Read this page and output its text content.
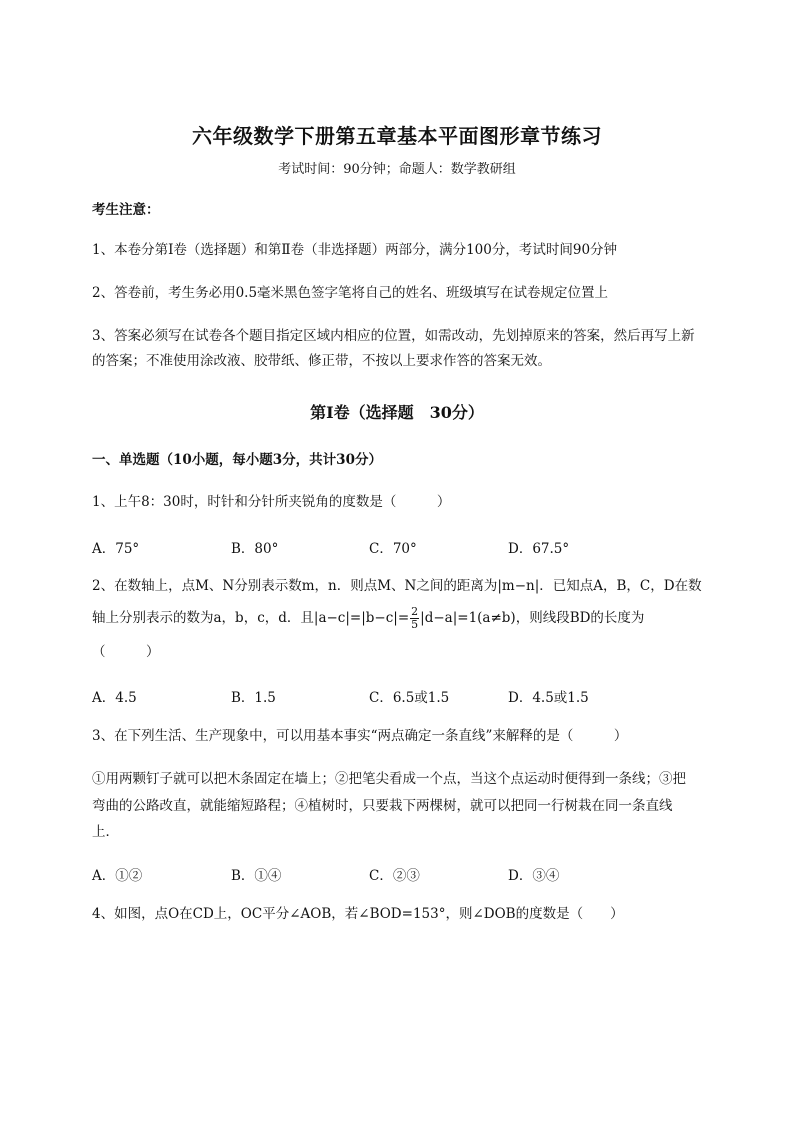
六年级数学下册第五章基本平面图形章节练习
考试时间：90分钟；命题人：数学教研组
考生注意：
1、本卷分第Ⅰ卷（选择题）和第Ⅱ卷（非选择题）两部分，满分100分，考试时间90分钟
2、答卷前，考生务必用0.5毫米黑色签字笔将自己的姓名、班级填写在试卷规定位置上
3、答案必须写在试卷各个题目指定区域内相应的位置，如需改动，先划掉原来的答案，然后再写上新
的答案；不准使用涂改液、胶带纸、修正带，不按以上要求作答的答案无效。
第Ⅰ卷（选择题　30分）
一、单选题（10小题，每小题3分，共计30分）
1、上午8：30时，时针和分针所夹锐角的度数是（　　　）
A．75°	B．80°	C．70°	D．67.5°
2、在数轴上，点M、N分别表示数m，n．则点M、N之间的距离为|m−n|．已知点A，B，C，D在数
轴上分别表示的数为a，b，c，d．且$|a-c|=|b-c|= \frac{2}{5} |d-a|=1(a\ne b)$，则线段BD的长度为
（　　　）
A．4.5	B．1.5	C．6.5或1.5	D．4.5或1.5
3、在下列生活、生产现象中，可以用基本事实“两点确定一条直线”来解释的是（　　　）
①用两颗钉子就可以把木条固定在墙上；②把笔尖看成一个点，当这个点运动时便得到一条线；③把
弯曲的公路改直，就能缩短路程；④植树时，只要栽下两棵树，就可以把同一行树栽在同一条直线
上．
A．①②	B．①④	C．②③	D．③④
4、如图，点O在CD上，OC平分∠AOB，若∠BOD=153°，则∠DOB的度数是（　　）
